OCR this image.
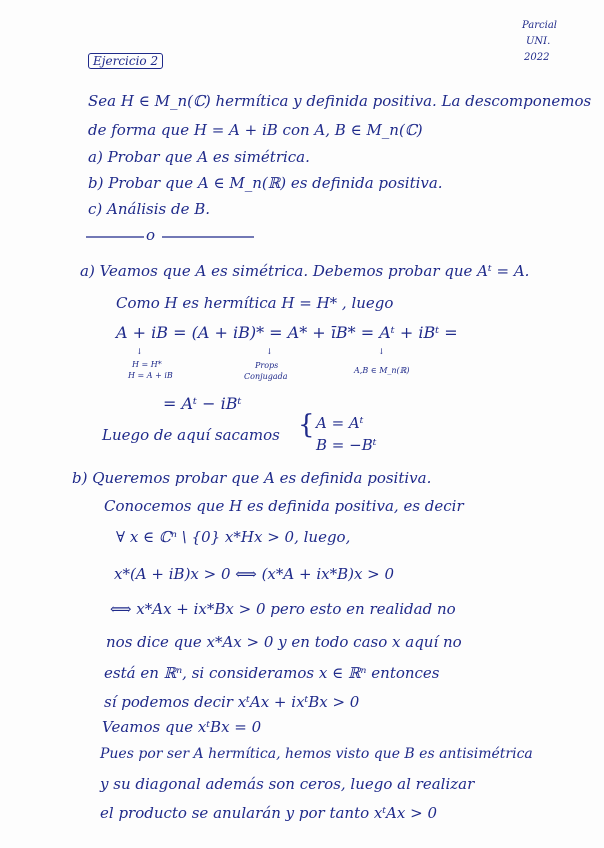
Parcial
UNI.
2022
Ejercicio 2
Sea H ∈ M_n(ℂ) hermítica y definida positiva. La descomponemos
de forma que H = A + iB con A, B ∈ M_n(ℂ)
a) Probar que A es simétrica.
b) Probar que A ∈ M_n(ℝ) es definida positiva.
c) Análisis de B.
o
a) Veamos que A es simétrica. Debemos probar que Aᵗ = A.
Como H es hermítica H = H* , luego
A + iB = (A + iB)* = A* + īB* = Aᵗ + iBᵗ =
↓
H = H*
H = A + iB
↓
Props
Conjugada
↓
A,B ∈ M_n(ℝ)
= Aᵗ − iBᵗ
Luego de aquí sacamos { A = Aᵗ
B = −Bᵗ
b) Queremos probar que A es definida positiva.
Conocemos que H es definida positiva, es decir
∀ x ∈ ℂⁿ \ {0} x*Hx > 0, luego,
x*(A + iB)x > 0 ⟺ (x*A + ix*B)x > 0
⟺ x*Ax + ix*Bx > 0 pero esto en realidad no
nos dice que x*Ax > 0 y en todo caso x aquí no
está en ℝⁿ, si consideramos x ∈ ℝⁿ entonces
sí podemos decir xᵗAx + ixᵗBx > 0
Veamos que xᵗBx = 0
Pues por ser A hermítica, hemos visto que B es antisimétrica
y su diagonal además son ceros, luego al realizar
el producto se anularán y por tanto xᵗAx > 0
